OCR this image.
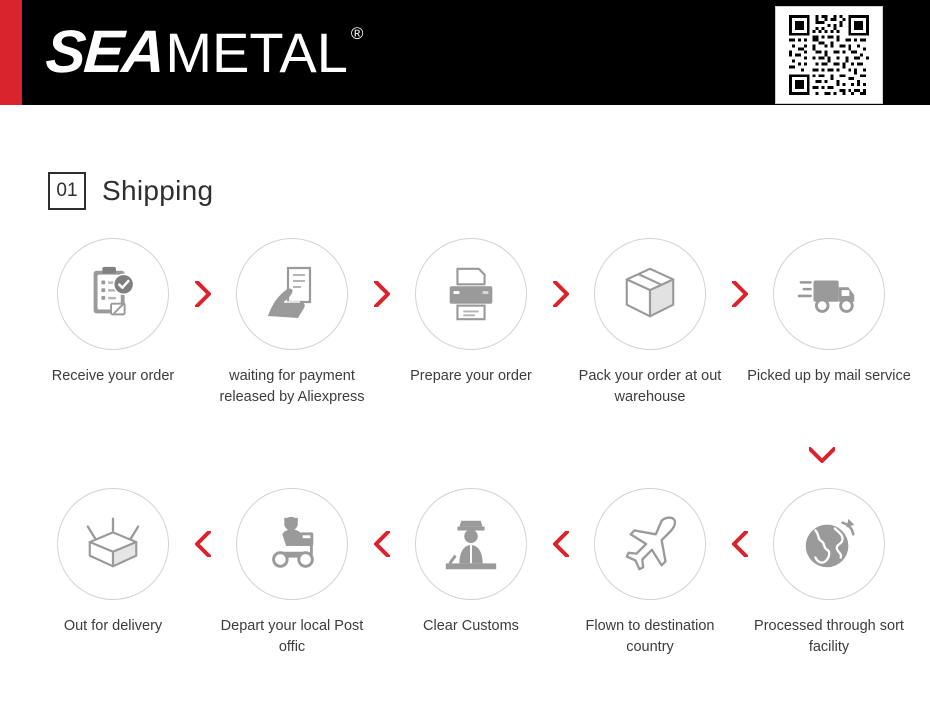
SEA METAL ®
01 Shipping
Receive your order	waiting for payment released by Aliexpress
Prepare your order	Pack your order at out warehouse
Picked up by mail service
Out for delivery	Depart your local Post offic
Clear Customs	Flown to destination country
Processed through sort facility
